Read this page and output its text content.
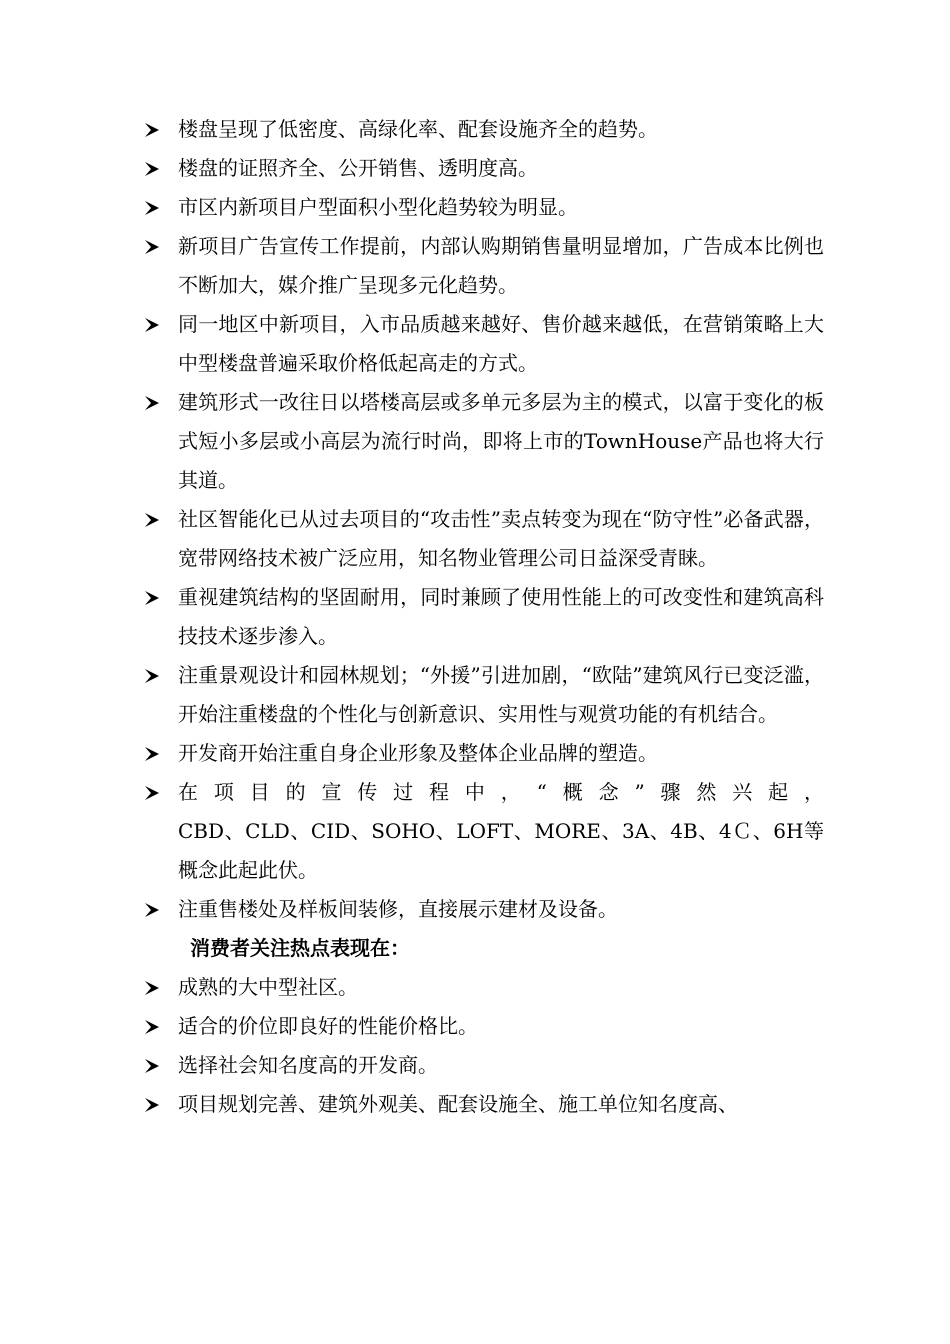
楼盘呈现了低密度、高绿化率、配套设施齐全的趋势。
楼盘的证照齐全、公开销售、透明度高。
市区内新项目户型面积小型化趋势较为明显。
新项目广告宣传工作提前，内部认购期销售量明显增加，广告成本比例也不断加大，媒介推广呈现多元化趋势。
同一地区中新项目，入市品质越来越好、售价越来越低，在营销策略上大中型楼盘普遍采取价格低起高走的方式。
建筑形式一改往日以塔楼高层或多单元多层为主的模式，以富于变化的板式短小多层或小高层为流行时尚，即将上市的TownHouse产品也将大行其道。
社区智能化已从过去项目的“攻击性”卖点转变为现在“防守性”必备武器，宽带网络技术被广泛应用，知名物业管理公司日益深受青睐。
重视建筑结构的坚固耐用，同时兼顾了使用性能上的可改变性和建筑高科技技术逐步渗入。
注重景观设计和园林规划；“外援”引进加剧，“欧陆”建筑风行已变泛滥，开始注重楼盘的个性化与创新意识、实用性与观赏功能的有机结合。
开发商开始注重自身企业形象及整体企业品牌的塑造。
在项目的宣传过程中，“概念”骤然兴起，
CBD、CLD、CID、SOHO、LOFT、MORE、3A、4B、4Ｃ、6H等概念此起此伏。
注重售楼处及样板间装修，直接展示建材及设备。
消费者关注热点表现在：
成熟的大中型社区。
适合的价位即良好的性能价格比。
选择社会知名度高的开发商。
项目规划完善、建筑外观美、配套设施全、施工单位知名度高、
